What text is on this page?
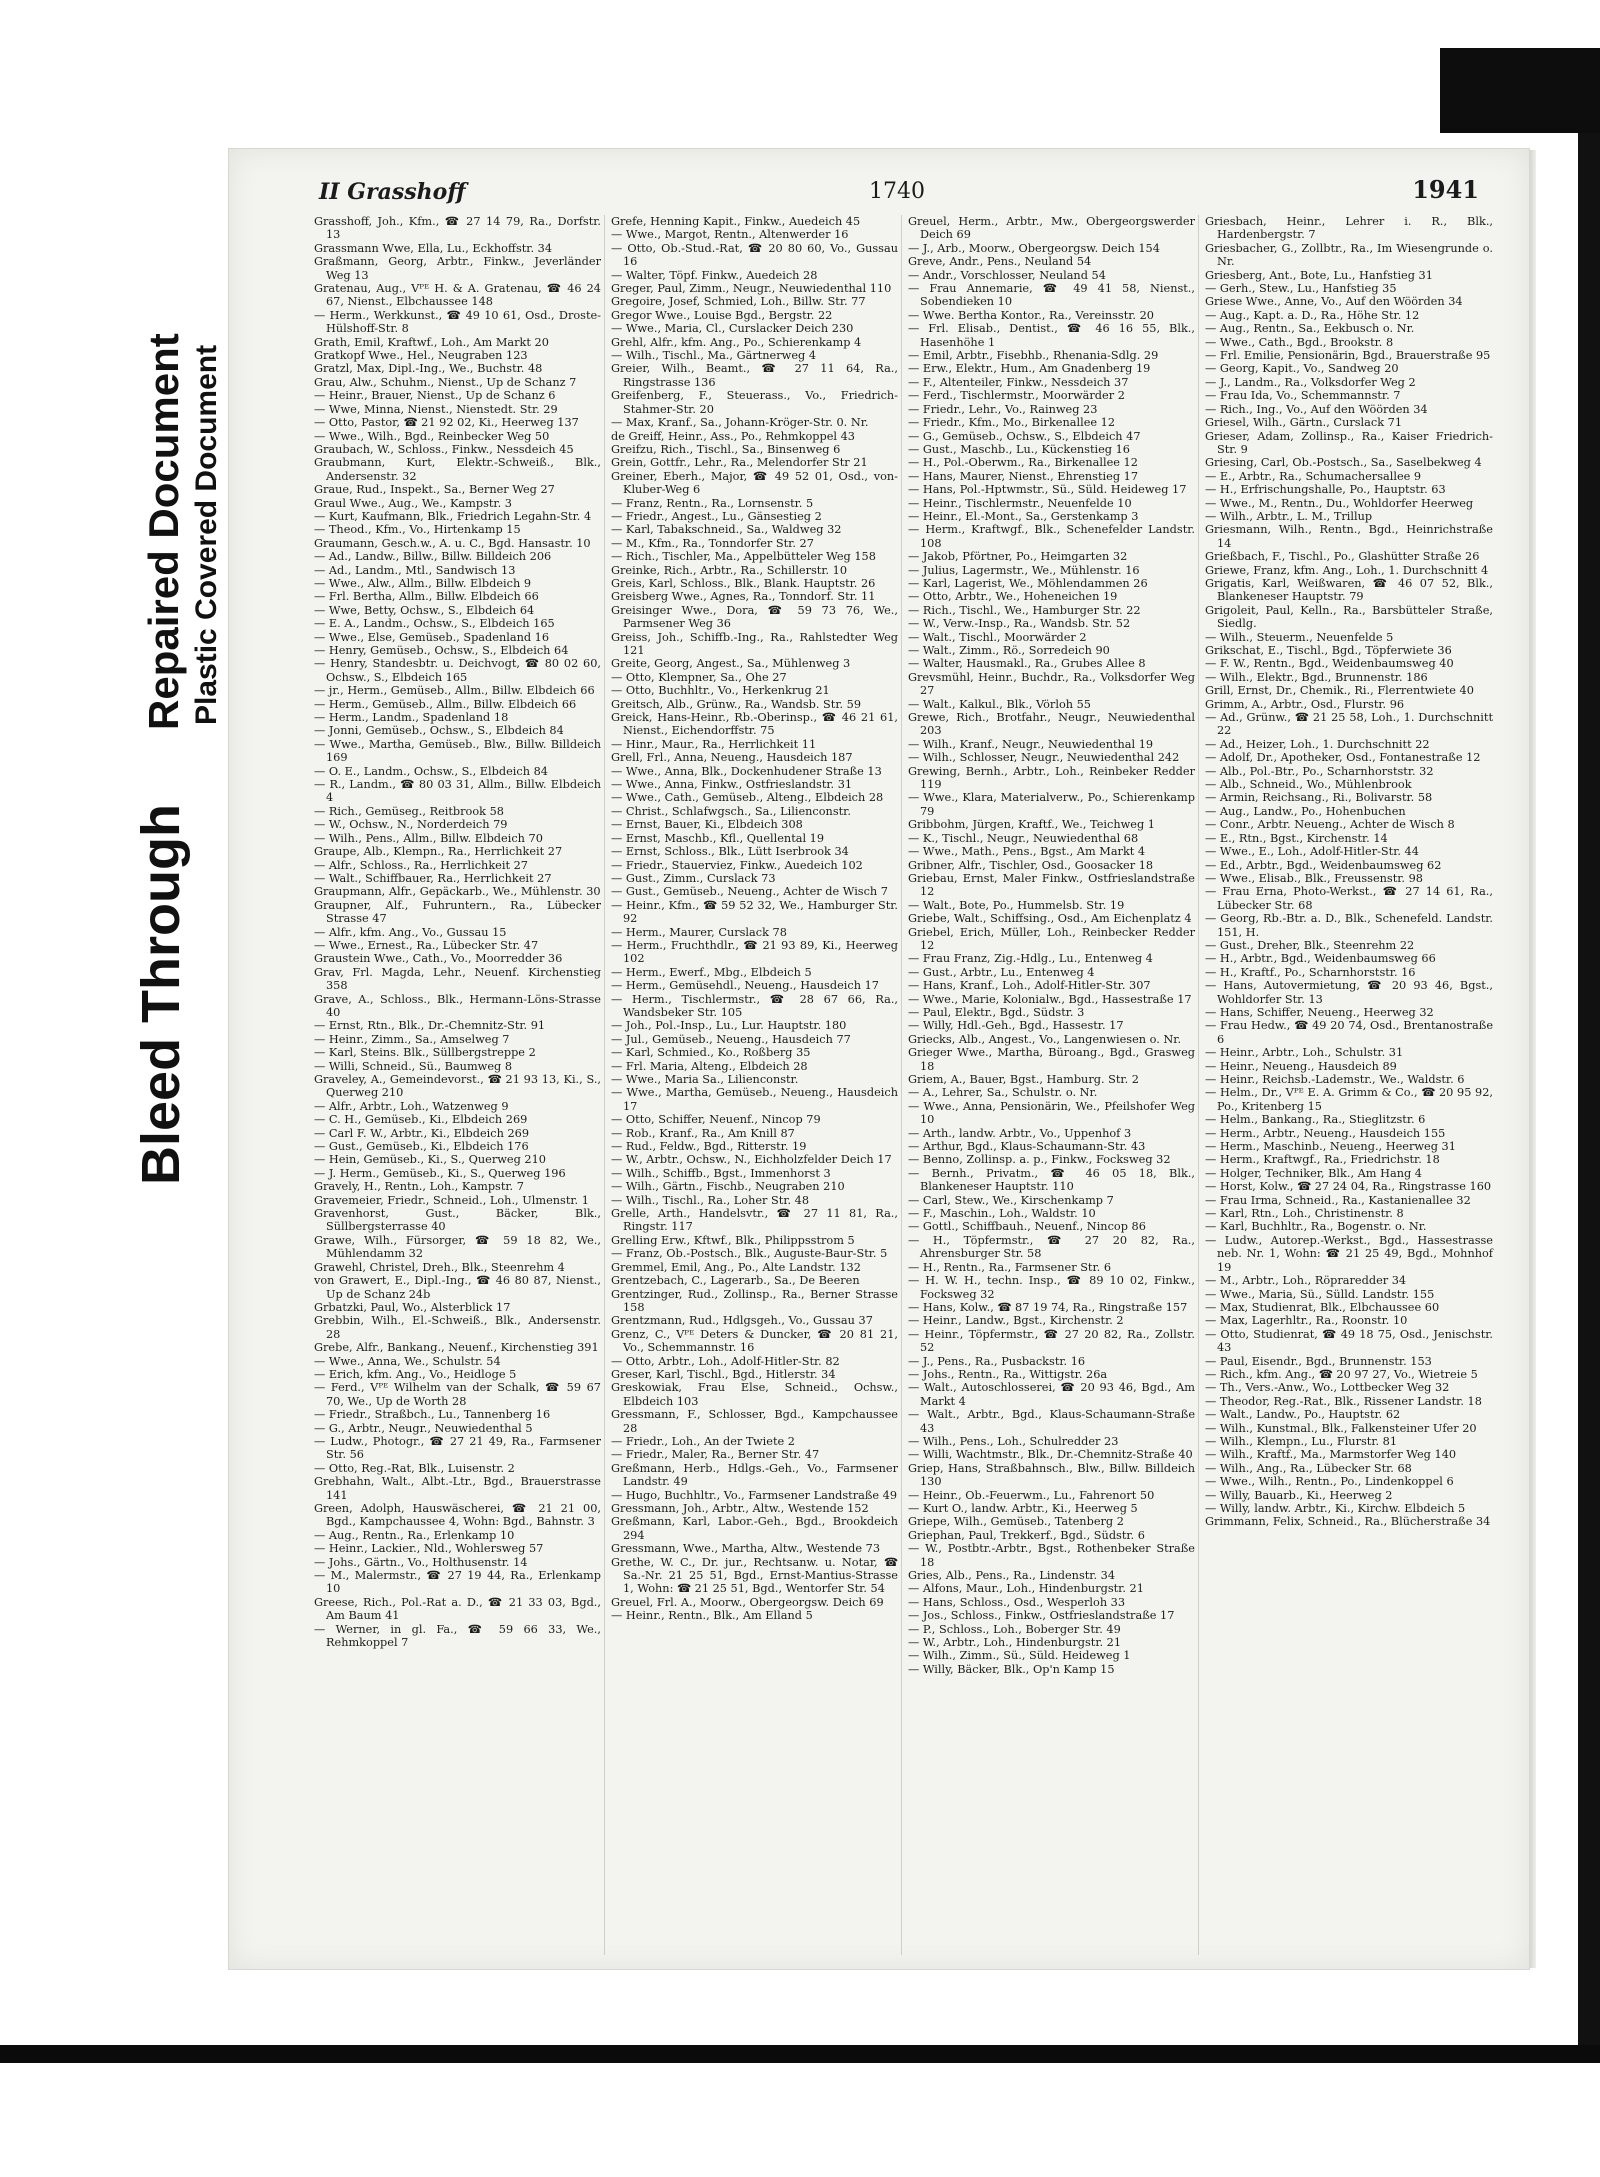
Bleed Through
Repaired Document Plastic Covered Document
II Grasshoff	1740	1941

Grasshoff, Joh., Kfm., ☎ 27 14 79, Ra., Dorfstr. 13

Grassmann Wwe, Ella, Lu., Eckhoffstr. 34

Graßmann, Georg, Arbtr., Finkw., Jeverländer Weg 13

Gratenau, Aug., Vᴾᴱ H. & A. Gratenau, ☎ 46 24 67, Nienst., Elbchaussee 148

— Herm., Werkkunst., ☎ 49 10 61, Osd., Droste-Hülshoff-Str. 8

Grath, Emil, Kraftwf., Loh., Am Markt 20

Gratkopf Wwe., Hel., Neugraben 123

Gratzl, Max, Dipl.-Ing., We., Buchstr. 48

Grau, Alw., Schuhm., Nienst., Up de Schanz 7

— Heinr., Brauer, Nienst., Up de Schanz 6

— Wwe, Minna, Nienst., Nienstedt. Str. 29

— Otto, Pastor, ☎ 21 92 02, Ki., Heerweg 137

— Wwe., Wilh., Bgd., Reinbecker Weg 50

Graubach, W., Schloss., Finkw., Nessdeich 45

Graubmann, Kurt, Elektr.-Schweiß., Blk., Andersenstr. 32

Graue, Rud., Inspekt., Sa., Berner Weg 27

Graul Wwe., Aug., We., Kampstr. 3

— Kurt, Kaufmann, Blk., Friedrich Legahn-Str. 4

— Theod., Kfm., Vo., Hirtenkamp 15

Graumann, Gesch.w., A. u. C., Bgd. Hansastr. 10

— Ad., Landw., Billw., Billw. Billdeich 206

— Ad., Landm., Mtl., Sandwisch 13

— Wwe., Alw., Allm., Billw. Elbdeich 9

— Frl. Bertha, Allm., Billw. Elbdeich 66

— Wwe, Betty, Ochsw., S., Elbdeich 64

— E. A., Landm., Ochsw., S., Elbdeich 165

— Wwe., Else, Gemüseb., Spadenland 16

— Henry, Gemüseb., Ochsw., S., Elbdeich 64

— Henry, Standesbtr. u. Deichvogt, ☎ 80 02 60, Ochsw., S., Elbdeich 165

— jr., Herm., Gemüseb., Allm., Billw. Elbdeich 66

— Herm., Gemüseb., Allm., Billw. Elbdeich 66

— Herm., Landm., Spadenland 18

— Jonni, Gemüseb., Ochsw., S., Elbdeich 84

— Wwe., Martha, Gemüseb., Blw., Billw. Billdeich 169

— O. E., Landm., Ochsw., S., Elbdeich 84

— R., Landm., ☎ 80 03 31, Allm., Billw. Elbdeich 4

— Rich., Gemüseg., Reitbrook 58

— W., Ochsw., N., Norderdeich 79

— Wilh., Pens., Allm., Billw. Elbdeich 70

Graupe, Alb., Klempn., Ra., Herrlichkeit 27

— Alfr., Schloss., Ra., Herrlichkeit 27

— Walt., Schiffbauer, Ra., Herrlichkeit 27

Graupmann, Alfr., Gepäckarb., We., Mühlenstr. 30

Graupner, Alf., Fuhruntern., Ra., Lübecker Strasse 47

— Alfr., kfm. Ang., Vo., Gussau 15

— Wwe., Ernest., Ra., Lübecker Str. 47

Graustein Wwe., Cath., Vo., Moorredder 36

Grav, Frl. Magda, Lehr., Neuenf. Kirchenstieg 358

Grave, A., Schloss., Blk., Hermann-Löns-Strasse 40

— Ernst, Rtn., Blk., Dr.-Chemnitz-Str. 91

— Heinr., Zimm., Sa., Amselweg 7

— Karl, Steins. Blk., Süllbergstreppe 2

— Willi, Schneid., Sü., Baumweg 8

Graveley, A., Gemeindevorst., ☎ 21 93 13, Ki., S., Querweg 210

— Alfr., Arbtr., Loh., Watzenweg 9

— C. H., Gemüseb., Ki., Elbdeich 269

— Carl F. W., Arbtr., Ki., Elbdeich 269

— Gust., Gemüseb., Ki., Elbdeich 176

— Hein, Gemüseb., Ki., S., Querweg 210

— J. Herm., Gemüseb., Ki., S., Querweg 196

Gravely, H., Rentn., Loh., Kampstr. 7

Gravemeier, Friedr., Schneid., Loh., Ulmenstr. 1

Gravenhorst, Gust., Bäcker, Blk., Süllbergsterrasse 40

Grawe, Wilh., Fürsorger, ☎ 59 18 82, We., Mühlendamm 32

Grawehl, Christel, Dreh., Blk., Steenrehm 4

von Grawert, E., Dipl.-Ing., ☎ 46 80 87, Nienst., Up de Schanz 24b

Grbatzki, Paul, Wo., Alsterblick 17

Grebbin, Wilh., El.-Schweiß., Blk., Andersenstr. 28

Grebe, Alfr., Bankang., Neuenf., Kirchenstieg 391

— Wwe., Anna, We., Schulstr. 54

— Erich, kfm. Ang., Vo., Heidloge 5

— Ferd., Vᴾᴱ Wilhelm van der Schalk, ☎ 59 67 70, We., Up de Worth 28

— Friedr., Straßbch., Lu., Tannenberg 16

— G., Arbtr., Neugr., Neuwiedenthal 5

— Ludw., Photogr., ☎ 27 21 49, Ra., Farmsener Str. 56

— Otto, Reg.-Rat, Blk., Luisenstr. 2

Grebhahn, Walt., Albt.-Ltr., Bgd., Brauerstrasse 141

Green, Adolph, Hauswäscherei, ☎ 21 21 00, Bgd., Kampchaussee 4, Wohn: Bgd., Bahnstr. 3

— Aug., Rentn., Ra., Erlenkamp 10

— Heinr., Lackier., Nld., Wohlersweg 57

— Johs., Gärtn., Vo., Holthusenstr. 14

— M., Malermstr., ☎ 27 19 44, Ra., Erlenkamp 10

Greese, Rich., Pol.-Rat a. D., ☎ 21 33 03, Bgd., Am Baum 41

— Werner, in gl. Fa., ☎ 59 66 33, We., Rehmkoppel 7

Grefe, Henning Kapit., Finkw., Auedeich 45

— Wwe., Margot, Rentn., Altenwerder 16

— Otto, Ob.-Stud.-Rat, ☎ 20 80 60, Vo., Gussau 16

— Walter, Töpf. Finkw., Auedeich 28

Greger, Paul, Zimm., Neugr., Neuwiedenthal 110

Gregoire, Josef, Schmied, Loh., Billw. Str. 77

Gregor Wwe., Louise Bgd., Bergstr. 22

— Wwe., Maria, Cl., Curslacker Deich 230

Grehl, Alfr., kfm. Ang., Po., Schierenkamp 4

— Wilh., Tischl., Ma., Gärtnerweg 4

Greier, Wilh., Beamt., ☎ 27 11 64, Ra., Ringstrasse 136

Greifenberg, F., Steuerass., Vo., Friedrich-Stahmer-Str. 20

— Max, Kranf., Sa., Johann-Kröger-Str. 0. Nr.

de Greiff, Heinr., Ass., Po., Rehmkoppel 43

Greifzu, Rich., Tischl., Sa., Binsenweg 6

Grein, Gottfr., Lehr., Ra., Melendorfer Str 21

Greiner, Eberh., Major, ☎ 49 52 01, Osd., von-Kluber-Weg 6

— Franz, Rentn., Ra., Lornsenstr. 5

— Friedr., Angest., Lu., Gänsestieg 2

— Karl, Tabakschneid., Sa., Waldweg 32

— M., Kfm., Ra., Tonndorfer Str. 27

— Rich., Tischler, Ma., Appelbütteler Weg 158

Greinke, Rich., Arbtr., Ra., Schillerstr. 10

Greis, Karl, Schloss., Blk., Blank. Hauptstr. 26

Greisberg Wwe., Agnes, Ra., Tonndorf. Str. 11

Greisinger Wwe., Dora, ☎ 59 73 76, We., Parmsener Weg 36

Greiss, Joh., Schiffb.-Ing., Ra., Rahlstedter Weg 121

Greite, Georg, Angest., Sa., Mühlenweg 3

— Otto, Klempner, Sa., Ohe 27

— Otto, Buchhltr., Vo., Herkenkrug 21

Greitsch, Alb., Grünw., Ra., Wandsb. Str. 59

Greick, Hans-Heinr., Rb.-Oberinsp., ☎ 46 21 61, Nienst., Eichendorffstr. 75

— Hinr., Maur., Ra., Herrlichkeit 11

Grell, Frl., Anna, Neueng., Hausdeich 187

— Wwe., Anna, Blk., Dockenhudener Straße 13

— Wwe., Anna, Finkw., Ostfrieslandstr. 31

— Wwe., Cath., Gemüseb., Alteng., Elbdeich 28

— Christ., Schlafwgsch., Sa., Lilienconstr.

— Ernst, Bauer, Ki., Elbdeich 308

— Ernst, Maschb., Kfl., Quellental 19

— Ernst, Schloss., Blk., Lütt Iserbrook 34

— Friedr., Stauerviez, Finkw., Auedeich 102

— Gust., Zimm., Curslack 73

— Gust., Gemüseb., Neueng., Achter de Wisch 7

— Heinr., Kfm., ☎ 59 52 32, We., Hamburger Str. 92

— Herm., Maurer, Curslack 78

— Herm., Fruchthdlr., ☎ 21 93 89, Ki., Heerweg 102

— Herm., Ewerf., Mbg., Elbdeich 5

— Herm., Gemüsehdl., Neueng., Hausdeich 17

— Herm., Tischlermstr., ☎ 28 67 66, Ra., Wandsbeker Str. 105

— Joh., Pol.-Insp., Lu., Lur. Hauptstr. 180

— Jul., Gemüseb., Neueng., Hausdeich 77

— Karl, Schmied., Ko., Roßberg 35

— Frl. Maria, Alteng., Elbdeich 28

— Wwe., Maria Sa., Lilienconstr.

— Wwe., Martha, Gemüseb., Neueng., Hausdeich 17

— Otto, Schiffer, Neuenf., Nincop 79

— Rob., Kranf., Ra., Am Knill 87

— Rud., Feldw., Bgd., Ritterstr. 19

— W., Arbtr., Ochsw., N., Eichholzfelder Deich 17

— Wilh., Schiffb., Bgst., Immenhorst 3

— Wilh., Gärtn., Fischb., Neugraben 210

— Wilh., Tischl., Ra., Loher Str. 48

Grelle, Arth., Handelsvtr., ☎ 27 11 81, Ra., Ringstr. 117

Grelling Erw., Kftwf., Blk., Philippsstrom 5

— Franz, Ob.-Postsch., Blk., Auguste-Baur-Str. 5

Gremmel, Emil, Ang., Po., Alte Landstr. 132

Grentzebach, C., Lagerarb., Sa., De Beeren

Grentzinger, Rud., Zollinsp., Ra., Berner Strasse 158

Grentzmann, Rud., Hdlgsgeh., Vo., Gussau 37

Grenz, C., Vᴾᴱ Deters & Duncker, ☎ 20 81 21, Vo., Schemmannstr. 16

— Otto, Arbtr., Loh., Adolf-Hitler-Str. 82

Greser, Karl, Tischl., Bgd., Hitlerstr. 34

Greskowiak, Frau Else, Schneid., Ochsw., Elbdeich 103

Gressmann, F., Schlosser, Bgd., Kampchaussee 28

— Friedr., Loh., An der Twiete 2

— Friedr., Maler, Ra., Berner Str. 47

Greßmann, Herb., Hdlgs.-Geh., Vo., Farmsener Landstr. 49

— Hugo, Buchhltr., Vo., Farmsener Landstraße 49

Gressmann, Joh., Arbtr., Altw., Westende 152

Greßmann, Karl, Labor.-Geh., Bgd., Brookdeich 294

Gressmann, Wwe., Martha, Altw., Westende 73

Grethe, W. C., Dr. jur., Rechtsanw. u. Notar, ☎ Sa.-Nr. 21 25 51, Bgd., Ernst-Mantius-Strasse 1, Wohn: ☎ 21 25 51, Bgd., Wentorfer Str. 54

Greuel, Frl. A., Moorw., Obergeorgsw. Deich 69

— Heinr., Rentn., Blk., Am Elland 5

Greuel, Herm., Arbtr., Mw., Obergeorgswerder Deich 69

— J., Arb., Moorw., Obergeorgsw. Deich 154

Greve, Andr., Pens., Neuland 54

— Andr., Vorschlosser, Neuland 54

— Frau Annemarie, ☎ 49 41 58, Nienst., Sobendieken 10

— Wwe. Bertha Kontor., Ra., Vereinsstr. 20

— Frl. Elisab., Dentist., ☎ 46 16 55, Blk., Hasenhöhe 1

— Emil, Arbtr., Fisebhb., Rhenania-Sdlg. 29

— Erw., Elektr., Hum., Am Gnadenberg 19

— F., Altenteiler, Finkw., Nessdeich 37

— Ferd., Tischlermstr., Moorwärder 2

— Friedr., Lehr., Vo., Rainweg 23

— Friedr., Kfm., Mo., Birkenallee 12

— G., Gemüseb., Ochsw., S., Elbdeich 47

— Gust., Maschb., Lu., Kückenstieg 16

— H., Pol.-Oberwm., Ra., Birkenallee 12

— Hans, Maurer, Nienst., Ehrenstieg 17

— Hans, Pol.-Hptwmstr., Sü., Süld. Heideweg 17

— Heinr., Tischlermstr., Neuenfelde 10

— Heinr., El.-Mont., Sa., Gerstenkamp 3

— Herm., Kraftwgf., Blk., Schenefelder Landstr. 108

— Jakob, Pförtner, Po., Heimgarten 32

— Julius, Lagermstr., We., Mühlenstr. 16

— Karl, Lagerist, We., Möhlendammen 26

— Otto, Arbtr., We., Hoheneichen 19

— Rich., Tischl., We., Hamburger Str. 22

— W., Verw.-Insp., Ra., Wandsb. Str. 52

— Walt., Tischl., Moorwärder 2

— Walt., Zimm., Rö., Sorredeich 90

— Walter, Hausmakl., Ra., Grubes Allee 8

Grevsmühl, Heinr., Buchdr., Ra., Volksdorfer Weg 27

— Walt., Kalkul., Blk., Vörloh 55

Grewe, Rich., Brotfahr., Neugr., Neuwiedenthal 203

— Wilh., Kranf., Neugr., Neuwiedenthal 19

— Wilh., Schlosser, Neugr., Neuwiedenthal 242

Grewing, Bernh., Arbtr., Loh., Reinbeker Redder 119

— Wwe., Klara, Materialverw., Po., Schierenkamp 79

Gribbohm, Jürgen, Kraftf., We., Teichweg 1

— K., Tischl., Neugr., Neuwiedenthal 68

— Wwe., Math., Pens., Bgst., Am Markt 4

Gribner, Alfr., Tischler, Osd., Goosacker 18

Griebau, Ernst, Maler Finkw., Ostfrieslandstraße 12

— Walt., Bote, Po., Hummelsb. Str. 19

Griebe, Walt., Schiffsing., Osd., Am Eichenplatz 4

Griebel, Erich, Müller, Loh., Reinbecker Redder 12

— Frau Franz, Zig.-Hdlg., Lu., Entenweg 4

— Gust., Arbtr., Lu., Entenweg 4

— Hans, Kranf., Loh., Adolf-Hitler-Str. 307

— Wwe., Marie, Kolonialw., Bgd., Hassestraße 17

— Paul, Elektr., Bgd., Südstr. 3

— Willy, Hdl.-Geh., Bgd., Hassestr. 17

Griecks, Alb., Angest., Vo., Langenwiesen o. Nr.

Grieger Wwe., Martha, Büroang., Bgd., Grasweg 18

Griem, A., Bauer, Bgst., Hamburg. Str. 2

— A., Lehrer, Sa., Schulstr. o. Nr.

— Wwe., Anna, Pensionärin, We., Pfeilshofer Weg 10

— Arth., landw. Arbtr., Vo., Uppenhof 3

— Arthur, Bgd., Klaus-Schaumann-Str. 43

— Benno, Zollinsp. a. p., Finkw., Focksweg 32

— Bernh., Privatm., ☎ 46 05 18, Blk., Blankeneser Hauptstr. 110

— Carl, Stew., We., Kirschenkamp 7

— F., Maschin., Loh., Waldstr. 10

— Gottl., Schiffbauh., Neuenf., Nincop 86

— H., Töpfermstr., ☎ 27 20 82, Ra., Ahrensburger Str. 58

— H., Rentn., Ra., Farmsener Str. 6

— H. W. H., techn. Insp., ☎ 89 10 02, Finkw., Focksweg 32

— Hans, Kolw., ☎ 87 19 74, Ra., Ringstraße 157

— Heinr., Landw., Bgst., Kirchenstr. 2

— Heinr., Töpfermstr., ☎ 27 20 82, Ra., Zollstr. 52

— J., Pens., Ra., Pusbackstr. 16

— Johs., Rentn., Ra., Wittigstr. 26a

— Walt., Autoschlosserei, ☎ 20 93 46, Bgd., Am Markt 4

— Walt., Arbtr., Bgd., Klaus-Schaumann-Straße 43

— Wilh., Pens., Loh., Schulredder 23

— Willi, Wachtmstr., Blk., Dr.-Chemnitz-Straße 40

Griep, Hans, Straßbahnsch., Blw., Billw. Billdeich 130

— Heinr., Ob.-Feuerwm., Lu., Fahrenort 50

— Kurt O., landw. Arbtr., Ki., Heerweg 5

Griepe, Wilh., Gemüseb., Tatenberg 2

Griephan, Paul, Trekkerf., Bgd., Südstr. 6

— W., Postbtr.-Arbtr., Bgst., Rothenbeker Straße 18

Gries, Alb., Pens., Ra., Lindenstr. 34

— Alfons, Maur., Loh., Hindenburgstr. 21

— Hans, Schloss., Osd., Wesperloh 33

— Jos., Schloss., Finkw., Ostfrieslandstraße 17

— P., Schloss., Loh., Boberger Str. 49

— W., Arbtr., Loh., Hindenburgstr. 21

— Wilh., Zimm., Sü., Süld. Heideweg 1

— Willy, Bäcker, Blk., Op'n Kamp 15

Griesbach, Heinr., Lehrer i. R., Blk., Hardenbergstr. 7

Griesbacher, G., Zollbtr., Ra., Im Wiesengrunde o. Nr.

Griesberg, Ant., Bote, Lu., Hanfstieg 31

— Gerh., Stew., Lu., Hanfstieg 35

Griese Wwe., Anne, Vo., Auf den Wöörden 34

— Aug., Kapt. a. D., Ra., Höhe Str. 12

— Aug., Rentn., Sa., Eekbusch o. Nr.

— Wwe., Cath., Bgd., Brookstr. 8

— Frl. Emilie, Pensionärin, Bgd., Brauerstraße 95

— Georg, Kapit., Vo., Sandweg 20

— J., Landm., Ra., Volksdorfer Weg 2

— Frau Ida, Vo., Schemmannstr. 7

— Rich., Ing., Vo., Auf den Wöörden 34

Griesel, Wilh., Gärtn., Curslack 71

Grieser, Adam, Zollinsp., Ra., Kaiser Friedrich-Str. 9

Griesing, Carl, Ob.-Postsch., Sa., Saselbekweg 4

— E., Arbtr., Ra., Schumachersallee 9

— H., Erfrischungshalle, Po., Hauptstr. 63

— Wwe., M., Rentn., Du., Wohldorfer Heerweg

— Wilh., Arbtr., L. M., Trillup

Griesmann, Wilh., Rentn., Bgd., Heinrichstraße 14

Grießbach, F., Tischl., Po., Glashütter Straße 26

Griewe, Franz, kfm. Ang., Loh., 1. Durchschnitt 4

Grigatis, Karl, Weißwaren, ☎ 46 07 52, Blk., Blankeneser Hauptstr. 79

Grigoleit, Paul, Kelln., Ra., Barsbütteler Straße, Siedlg.

— Wilh., Steuerm., Neuenfelde 5

Grikschat, E., Tischl., Bgd., Töpferwiete 36

— F. W., Rentn., Bgd., Weidenbaumsweg 40

— Wilh., Elektr., Bgd., Brunnenstr. 186

Grill, Ernst, Dr., Chemik., Ri., Flerrentwiete 40

Grimm, A., Arbtr., Osd., Flurstr. 96

— Ad., Grünw., ☎ 21 25 58, Loh., 1. Durchschnitt 22

— Ad., Heizer, Loh., 1. Durchschnitt 22

— Adolf, Dr., Apotheker, Osd., Fontanestraße 12

— Alb., Pol.-Btr., Po., Scharnhorststr. 32

— Alb., Schneid., Wo., Mühlenbrook

— Armin, Reichsang., Ri., Bolivarstr. 58

— Aug., Landw., Po., Hohenbuchen

— Conr., Arbtr. Neueng., Achter de Wisch 8

— E., Rtn., Bgst., Kirchenstr. 14

— Wwe., E., Loh., Adolf-Hitler-Str. 44

— Ed., Arbtr., Bgd., Weidenbaumsweg 62

— Wwe., Elisab., Blk., Freussenstr. 98

— Frau Erna, Photo-Werkst., ☎ 27 14 61, Ra., Lübecker Str. 68

— Georg, Rb.-Btr. a. D., Blk., Schenefeld. Landstr. 151, H.

— Gust., Dreher, Blk., Steenrehm 22

— H., Arbtr., Bgd., Weidenbaumsweg 66

— H., Kraftf., Po., Scharnhorststr. 16

— Hans, Autovermietung, ☎ 20 93 46, Bgst., Wohldorfer Str. 13

— Hans, Schiffer, Neueng., Heerweg 32

— Frau Hedw., ☎ 49 20 74, Osd., Brentanostraße 6

— Heinr., Arbtr., Loh., Schulstr. 31

— Heinr., Neueng., Hausdeich 89

— Heinr., Reichsb.-Lademstr., We., Waldstr. 6

— Helm., Dr., Vᴾᴱ E. A. Grimm & Co., ☎ 20 95 92, Po., Kritenberg 15

— Helm., Bankang., Ra., Stieglitzstr. 6

— Herm., Arbtr., Neueng., Hausdeich 155

— Herm., Maschinb., Neueng., Heerweg 31

— Herm., Kraftwgf., Ra., Friedrichstr. 18

— Holger, Techniker, Blk., Am Hang 4

— Horst, Kolw., ☎ 27 24 04, Ra., Ringstrasse 160

— Frau Irma, Schneid., Ra., Kastanienallee 32

— Karl, Rtn., Loh., Christinenstr. 8

— Karl, Buchhltr., Ra., Bogenstr. o. Nr.

— Ludw., Autorep.-Werkst., Bgd., Hassestrasse neb. Nr. 1, Wohn: ☎ 21 25 49, Bgd., Mohnhof 19

— M., Arbtr., Loh., Röpraredder 34

— Wwe., Maria, Sü., Sülld. Landstr. 155

— Max, Studienrat, Blk., Elbchaussee 60

— Max, Lagerhltr., Ra., Roonstr. 10

— Otto, Studienrat, ☎ 49 18 75, Osd., Jenischstr. 43

— Paul, Eisendr., Bgd., Brunnenstr. 153

— Rich., kfm. Ang., ☎ 20 97 27, Vo., Wietreie 5

— Th., Vers.-Anw., Wo., Lottbecker Weg 32

— Theodor, Reg.-Rat., Blk., Rissener Landstr. 18

— Walt., Landw., Po., Hauptstr. 62

— Wilh., Kunstmal., Blk., Falkensteiner Ufer 20

— Wilh., Klempn., Lu., Flurstr. 81

— Wilh., Kraftf., Ma., Marmstorfer Weg 140

— Wilh., Ang., Ra., Lübecker Str. 68

— Wwe., Wilh., Rentn., Po., Lindenkoppel 6

— Willy, Bauarb., Ki., Heerweg 2

— Willy, landw. Arbtr., Ki., Kirchw. Elbdeich 5

Grimmann, Felix, Schneid., Ra., Blücherstraße 34
